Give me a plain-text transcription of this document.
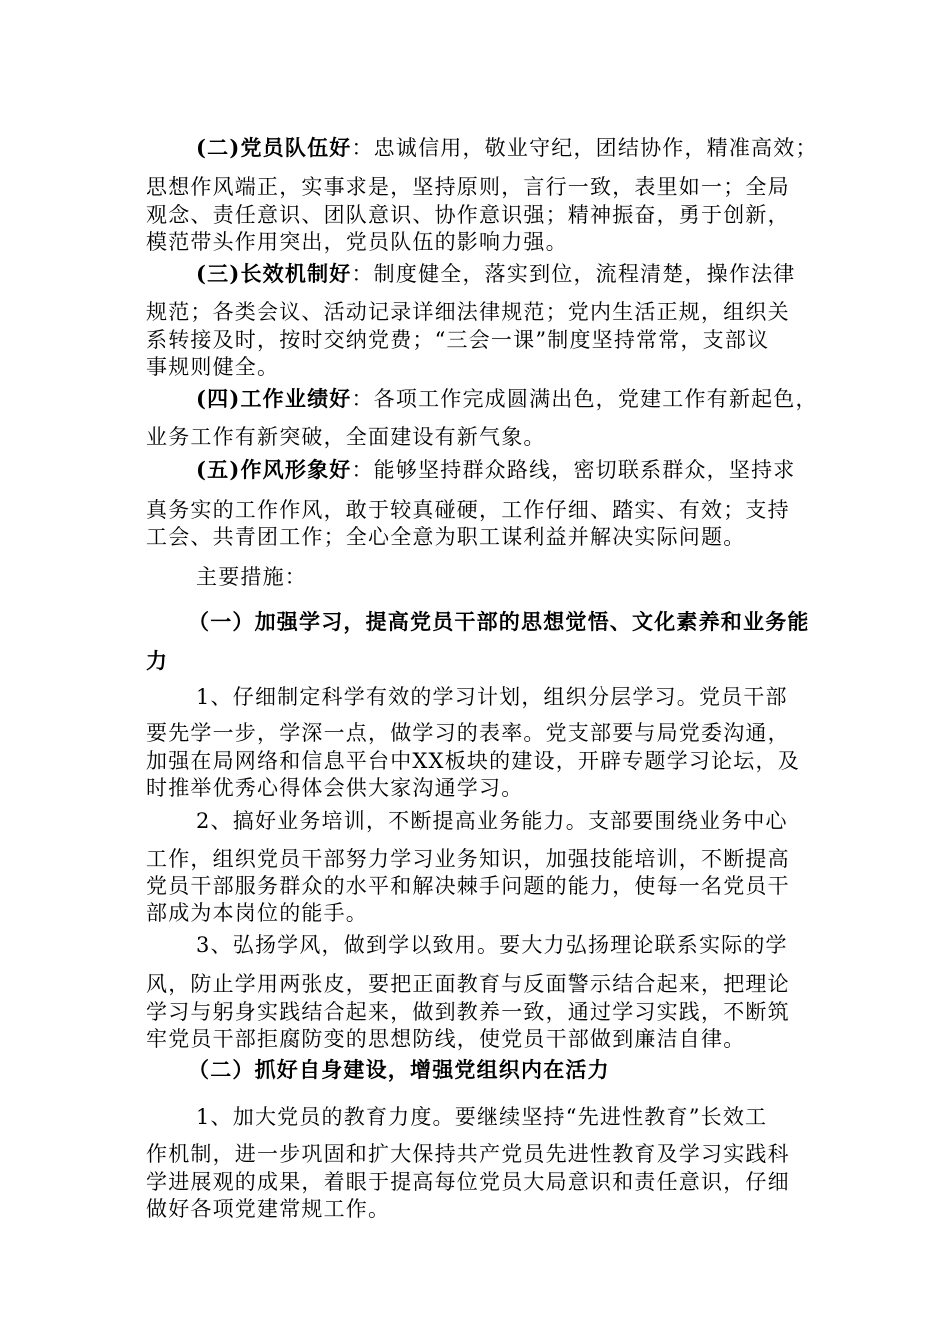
(二)党员队伍好：忠诚信用，敬业守纪，团结协作，精准高效；
思想作风端正，实事求是，坚持原则，言行一致，表里如一；全局
观念、责任意识、团队意识、协作意识强；精神振奋，勇于创新，
模范带头作用突出，党员队伍的影响力强。
(三)长效机制好：制度健全，落实到位，流程清楚，操作法律
规范；各类会议、活动记录详细法律规范；党内生活正规，组织关
系转接及时，按时交纳党费；“三会一课”制度坚持常常，支部议
事规则健全。
(四)工作业绩好：各项工作完成圆满出色，党建工作有新起色，
业务工作有新突破，全面建设有新气象。
(五)作风形象好：能够坚持群众路线，密切联系群众，坚持求
真务实的工作作风，敢于较真碰硬，工作仔细、踏实、有效；支持
工会、共青团工作；全心全意为职工谋利益并解决实际问题。
主要措施：
（一）加强学习，提高党员干部的思想觉悟、文化素养和业务能
力
1、仔细制定科学有效的学习计划，组织分层学习。党员干部
要先学一步，学深一点，做学习的表率。党支部要与局党委沟通，
加强在局网络和信息平台中XX板块的建设，开辟专题学习论坛，及
时推举优秀心得体会供大家沟通学习。
2、搞好业务培训，不断提高业务能力。支部要围绕业务中心
工作，组织党员干部努力学习业务知识，加强技能培训，不断提高
党员干部服务群众的水平和解决棘手问题的能力，使每一名党员干
部成为本岗位的能手。
3、弘扬学风，做到学以致用。要大力弘扬理论联系实际的学
风，防止学用两张皮，要把正面教育与反面警示结合起来，把理论
学习与躬身实践结合起来，做到教养一致，通过学习实践，不断筑
牢党员干部拒腐防变的思想防线，使党员干部做到廉洁自律。
（二）抓好自身建设，增强党组织内在活力
1、加大党员的教育力度。要继续坚持“先进性教育”长效工
作机制，进一步巩固和扩大保持共产党员先进性教育及学习实践科
学进展观的成果，着眼于提高每位党员大局意识和责任意识，仔细
做好各项党建常规工作。
